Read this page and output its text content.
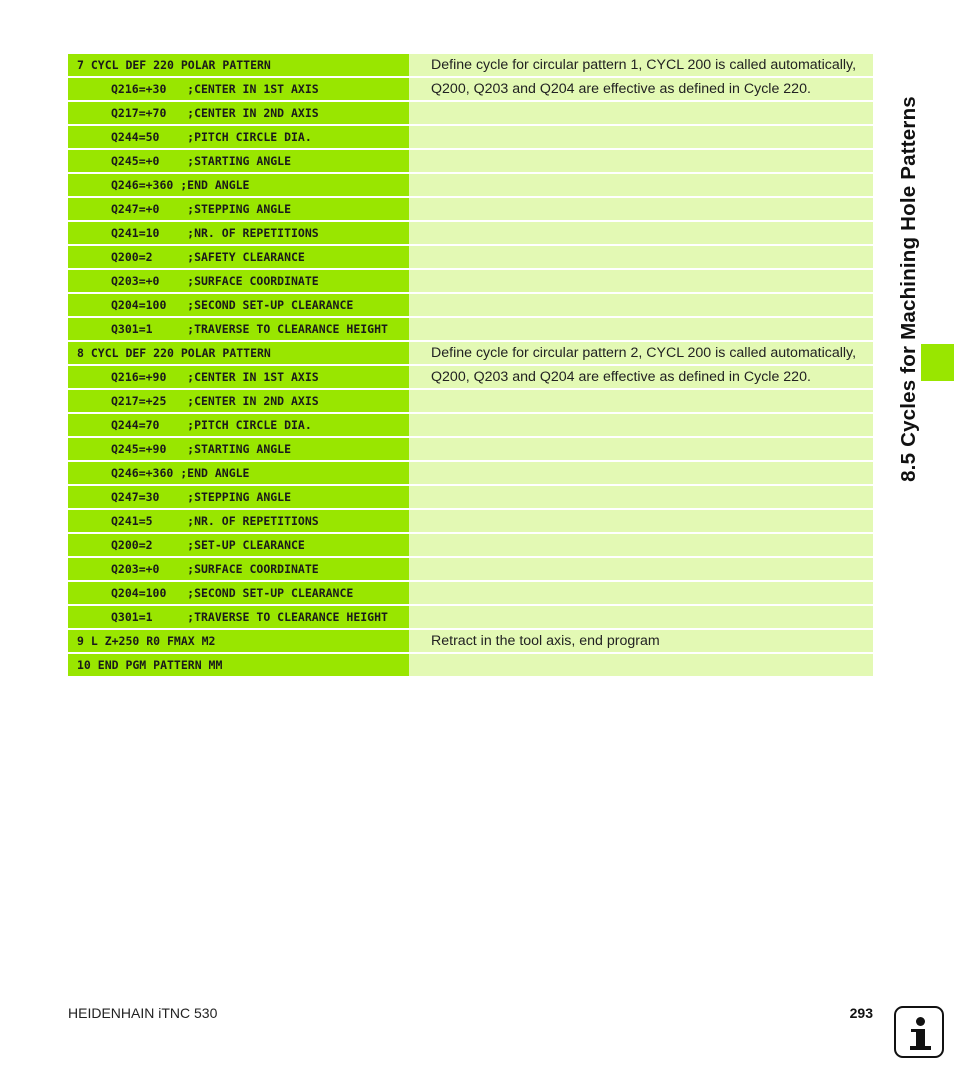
7 CYCL DEF 220 POLAR PATTERN	Define cycle for circular pattern 1, CYCL 200 is called automatically,
Q216=+30   ;CENTER IN 1ST AXIS	Q200, Q203 and Q204 are effective as defined in Cycle 220.
Q217=+70   ;CENTER IN 2ND AXIS
Q244=50    ;PITCH CIRCLE DIA.
Q245=+0    ;STARTING ANGLE
Q246=+360 ;END ANGLE
Q247=+0    ;STEPPING ANGLE
Q241=10    ;NR. OF REPETITIONS
Q200=2     ;SAFETY CLEARANCE
Q203=+0    ;SURFACE COORDINATE
Q204=100   ;SECOND SET-UP CLEARANCE
Q301=1     ;TRAVERSE TO CLEARANCE HEIGHT
8 CYCL DEF 220 POLAR PATTERN	Define cycle for circular pattern 2, CYCL 200 is called automatically,
Q216=+90   ;CENTER IN 1ST AXIS	Q200, Q203 and Q204 are effective as defined in Cycle 220.
Q217=+25   ;CENTER IN 2ND AXIS
Q244=70    ;PITCH CIRCLE DIA.
Q245=+90   ;STARTING ANGLE
Q246=+360 ;END ANGLE
Q247=30    ;STEPPING ANGLE
Q241=5     ;NR. OF REPETITIONS
Q200=2     ;SET-UP CLEARANCE
Q203=+0    ;SURFACE COORDINATE
Q204=100   ;SECOND SET-UP CLEARANCE
Q301=1     ;TRAVERSE TO CLEARANCE HEIGHT
9 L Z+250 R0 FMAX M2	Retract in the tool axis, end program
10 END PGM PATTERN MM
8.5 Cycles for Machining Hole Patterns
HEIDENHAIN iTNC 530	293
